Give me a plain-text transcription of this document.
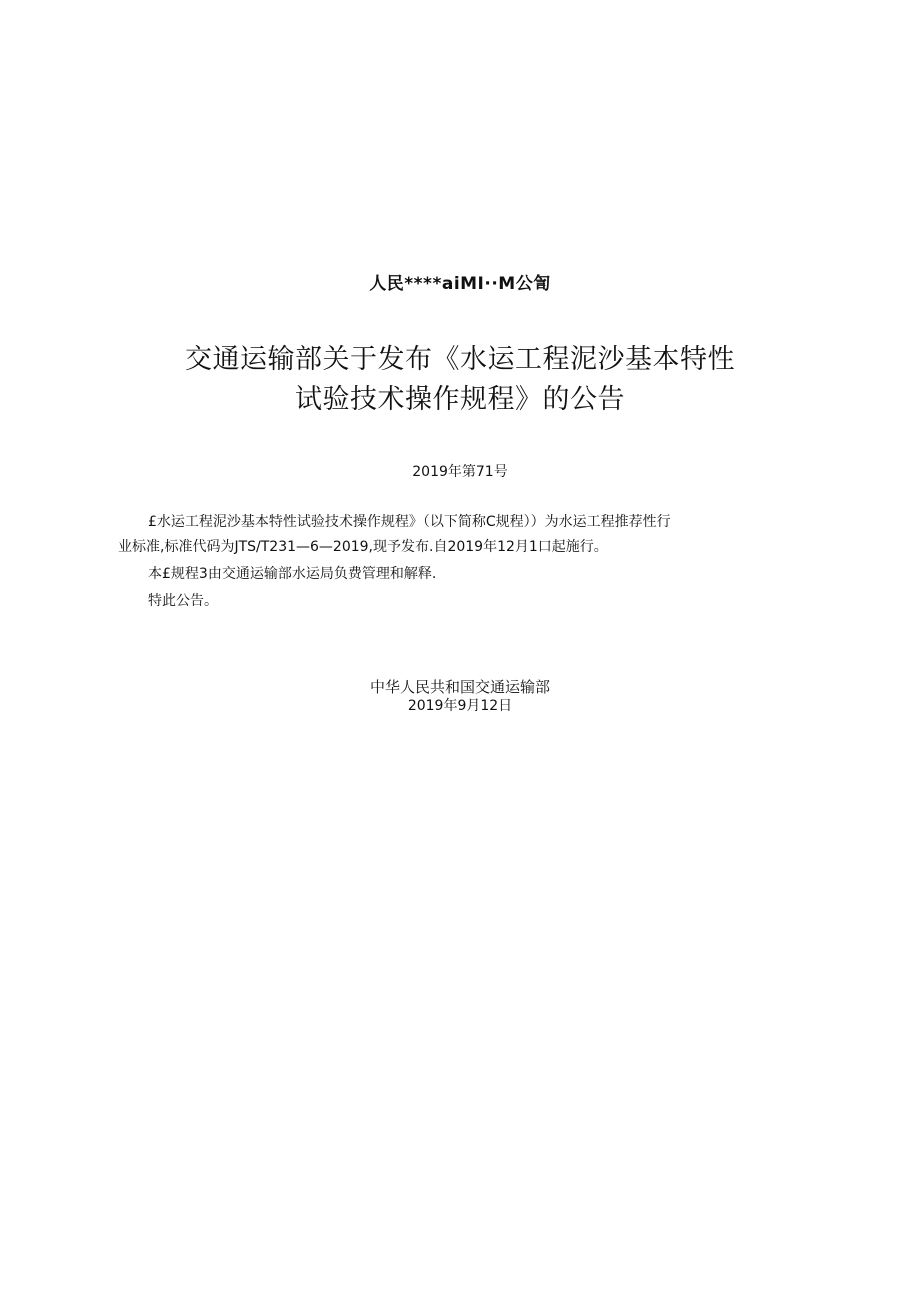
人民****aiMI··M公訇
交通运输部关于发布《水运工程泥沙基本特性
试验技术操作规程》的公告
2019年第71号
£水运工程泥沙基本特性试验技术操作规程》（以下简称C规程））为水运工程推荐性行
业标准,标准代码为JTS/T231—6—2019,现予发布.自2019年12月1口起施行。
本£规程3由交通运输部水运局负费管理和解释.
特此公告。
中华人民共和国交通运输部
2019年9月12日
